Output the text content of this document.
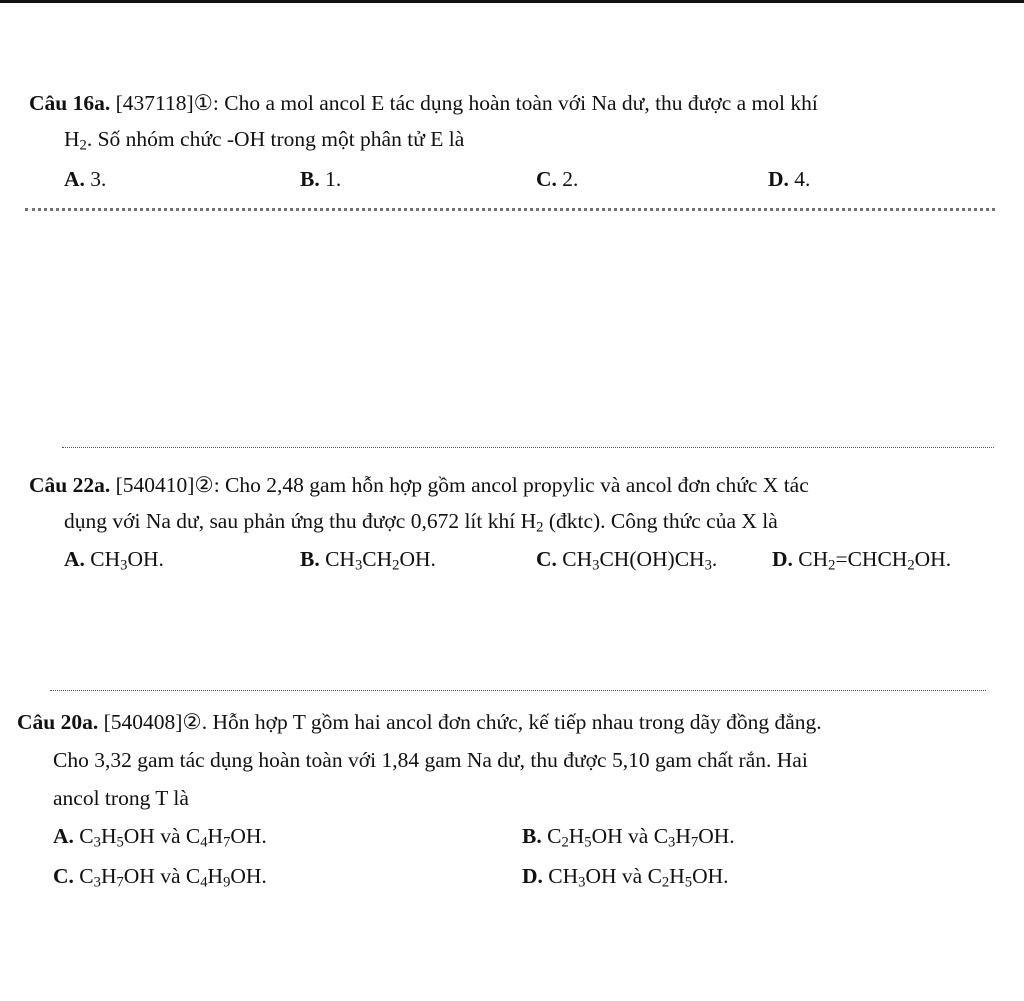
Câu 16a. [437118]①: Cho a mol ancol E tác dụng hoàn toàn với Na dư, thu được a mol khí
$H_2$. Số nhóm chức -OH trong một phân tử E là
A. 3.	B. 1.	C. 2.	D. 4.
Câu 22a. [540410]②: Cho 2,48 gam hỗn hợp gồm ancol propylic và ancol đơn chức X tác
dụng với Na dư, sau phản ứng thu được 0,672 lít khí $H_2$ (đktc). Công thức của X là
A. $CH_3OH$.	B. $CH_3CH_2OH$.	C. $CH_3CH(OH)CH_3$.	D. $CH_2=CHCH_2OH$.
Câu 20a. [540408]②. Hỗn hợp T gồm hai ancol đơn chức, kế tiếp nhau trong dãy đồng đẳng.
Cho 3,32 gam tác dụng hoàn toàn với 1,84 gam Na dư, thu được 5,10 gam chất rắn. Hai
ancol trong T là
A. $C_3H_5OH$ và $C_4H_7OH$.	B. $C_2H_5OH$ và $C_3H_7OH$.
C. $C_3H_7OH$ và $C_4H_9OH$.	D. $CH_3OH$ và $C_2H_5OH$.
